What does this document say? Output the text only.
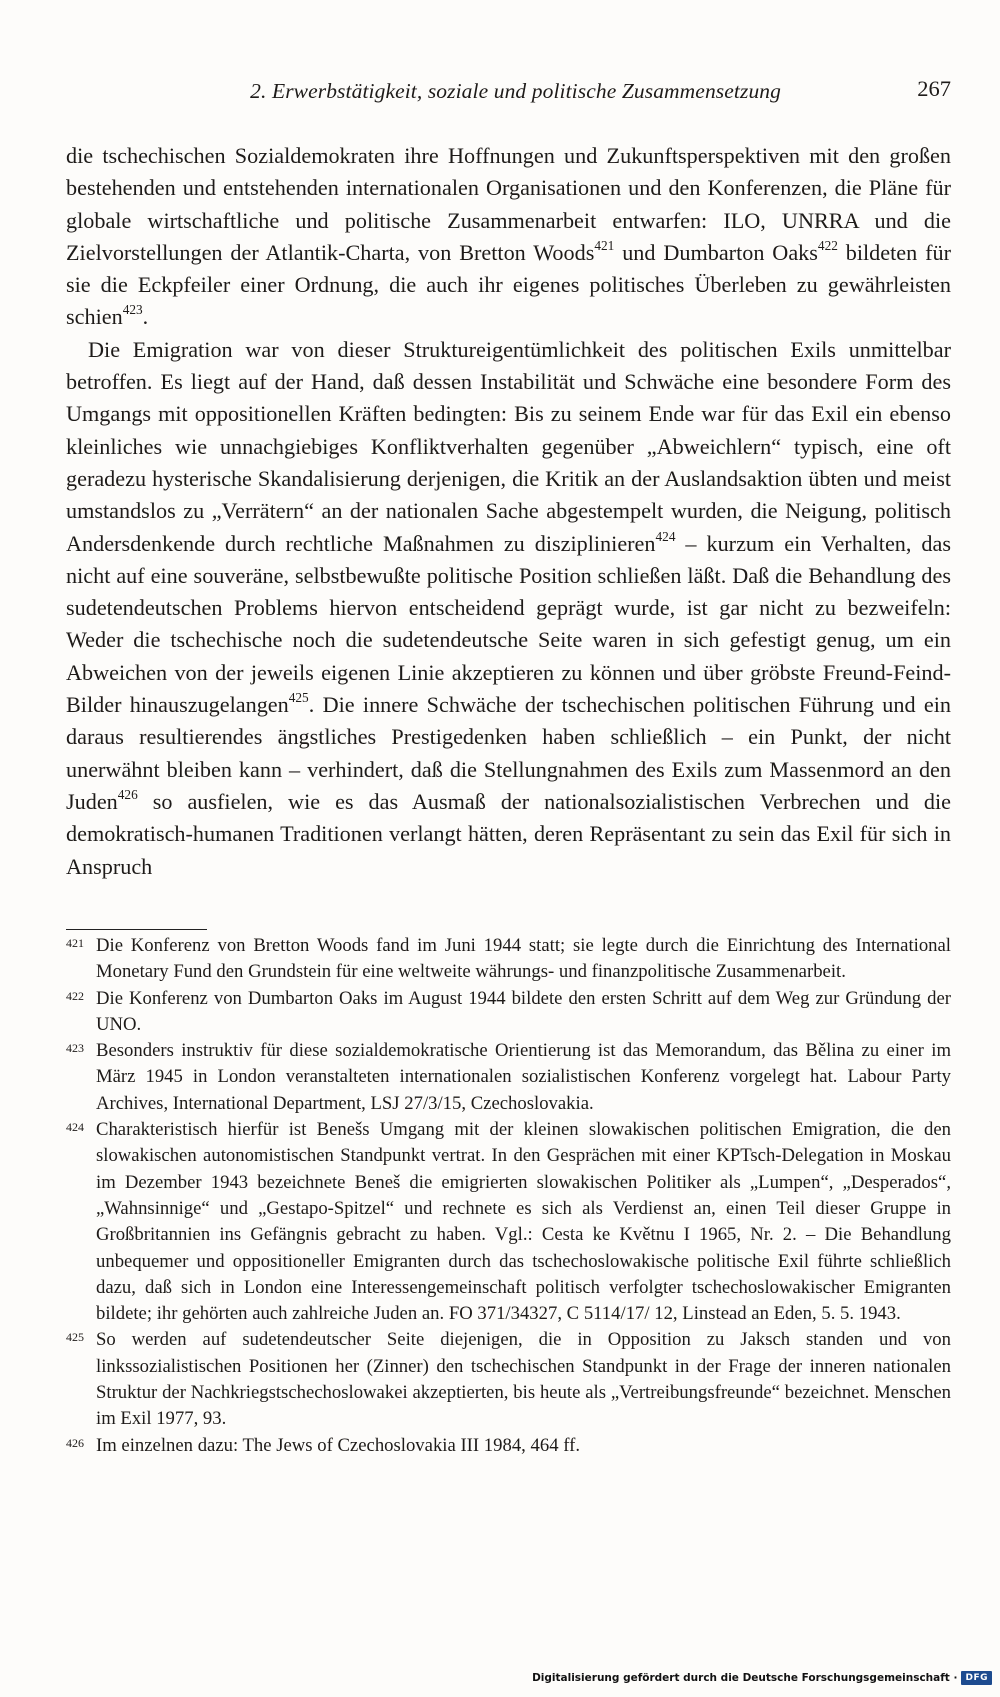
2. Erwerbstätigkeit, soziale und politische Zusammensetzung	267

die tschechischen Sozialdemokraten ihre Hoffnungen und Zukunftsperspektiven mit den großen bestehenden und entstehenden internationalen Organisationen und den Konferenzen, die Pläne für globale wirtschaftliche und politische Zusammenarbeit entwarfen: ILO, UNRRA und die Zielvorstellungen der Atlantik-Charta, von Bretton Woods$^{421}$ und Dumbarton Oaks$^{422}$ bildeten für sie die Eckpfeiler einer Ordnung, die auch ihr eigenes politisches Überleben zu gewährleisten schien$^{423}$.

Die Emigration war von dieser Struktureigentümlichkeit des politischen Exils unmittelbar betroffen. Es liegt auf der Hand, daß dessen Instabilität und Schwäche eine besondere Form des Umgangs mit oppositionellen Kräften bedingten: Bis zu seinem Ende war für das Exil ein ebenso kleinliches wie unnachgiebiges Konfliktverhalten gegenüber „Abweichlern“ typisch, eine oft geradezu hysterische Skandalisierung derjenigen, die Kritik an der Auslandsaktion übten und meist umstandslos zu „Verrätern“ an der nationalen Sache abgestempelt wurden, die Neigung, politisch Andersdenkende durch rechtliche Maßnahmen zu disziplinieren$^{424}$ – kurzum ein Verhalten, das nicht auf eine souveräne, selbstbewußte politische Position schließen läßt. Daß die Behandlung des sudetendeutschen Problems hiervon entscheidend geprägt wurde, ist gar nicht zu bezweifeln: Weder die tschechische noch die sudetendeutsche Seite waren in sich gefestigt genug, um ein Abweichen von der jeweils eigenen Linie akzeptieren zu können und über gröbste Freund-Feind-Bilder hinauszugelangen$^{425}$. Die innere Schwäche der tschechischen politischen Führung und ein daraus resultierendes ängstliches Prestigedenken haben schließlich – ein Punkt, der nicht unerwähnt bleiben kann – verhindert, daß die Stellungnahmen des Exils zum Massenmord an den Juden$^{426}$ so ausfielen, wie es das Ausmaß der nationalsozialistischen Verbrechen und die demokratisch-humanen Traditionen verlangt hätten, deren Repräsentant zu sein das Exil für sich in Anspruch

421 Die Konferenz von Bretton Woods fand im Juni 1944 statt; sie legte durch die Einrichtung des International Monetary Fund den Grundstein für eine weltweite währungs- und finanzpolitische Zusammenarbeit.

422 Die Konferenz von Dumbarton Oaks im August 1944 bildete den ersten Schritt auf dem Weg zur Gründung der UNO.

423 Besonders instruktiv für diese sozialdemokratische Orientierung ist das Memorandum, das Bělina zu einer im März 1945 in London veranstalteten internationalen sozialistischen Konferenz vorgelegt hat. Labour Party Archives, International Department, LSJ 27/3/15, Czechoslovakia.

424 Charakteristisch hierfür ist Benešs Umgang mit der kleinen slowakischen politischen Emigration, die den slowakischen autonomistischen Standpunkt vertrat. In den Gesprächen mit einer KPTsch-Delegation in Moskau im Dezember 1943 bezeichnete Beneš die emigrierten slowakischen Politiker als „Lumpen“, „Desperados“, „Wahnsinnige“ und „Gestapo-Spitzel“ und rechnete es sich als Verdienst an, einen Teil dieser Gruppe in Großbritannien ins Gefängnis gebracht zu haben. Vgl.: Cesta ke Květnu I 1965, Nr. 2. – Die Behandlung unbequemer und oppositioneller Emigranten durch das tschechoslowakische politische Exil führte schließlich dazu, daß sich in London eine Interessengemeinschaft politisch verfolgter tschechoslowakischer Emigranten bildete; ihr gehörten auch zahlreiche Juden an. FO 371/34327, C 5114/17/ 12, Linstead an Eden, 5. 5. 1943.

425 So werden auf sudetendeutscher Seite diejenigen, die in Opposition zu Jaksch standen und von linkssozialistischen Positionen her (Zinner) den tschechischen Standpunkt in der Frage der inneren nationalen Struktur der Nachkriegstschechoslowakei akzeptierten, bis heute als „Vertreibungsfreunde“ bezeichnet. Menschen im Exil 1977, 93.

426 Im einzelnen dazu: The Jews of Czechoslovakia III 1984, 464 ff.

Digitalisierung gefördert durch die Deutsche Forschungsgemeinschaft · DFG
